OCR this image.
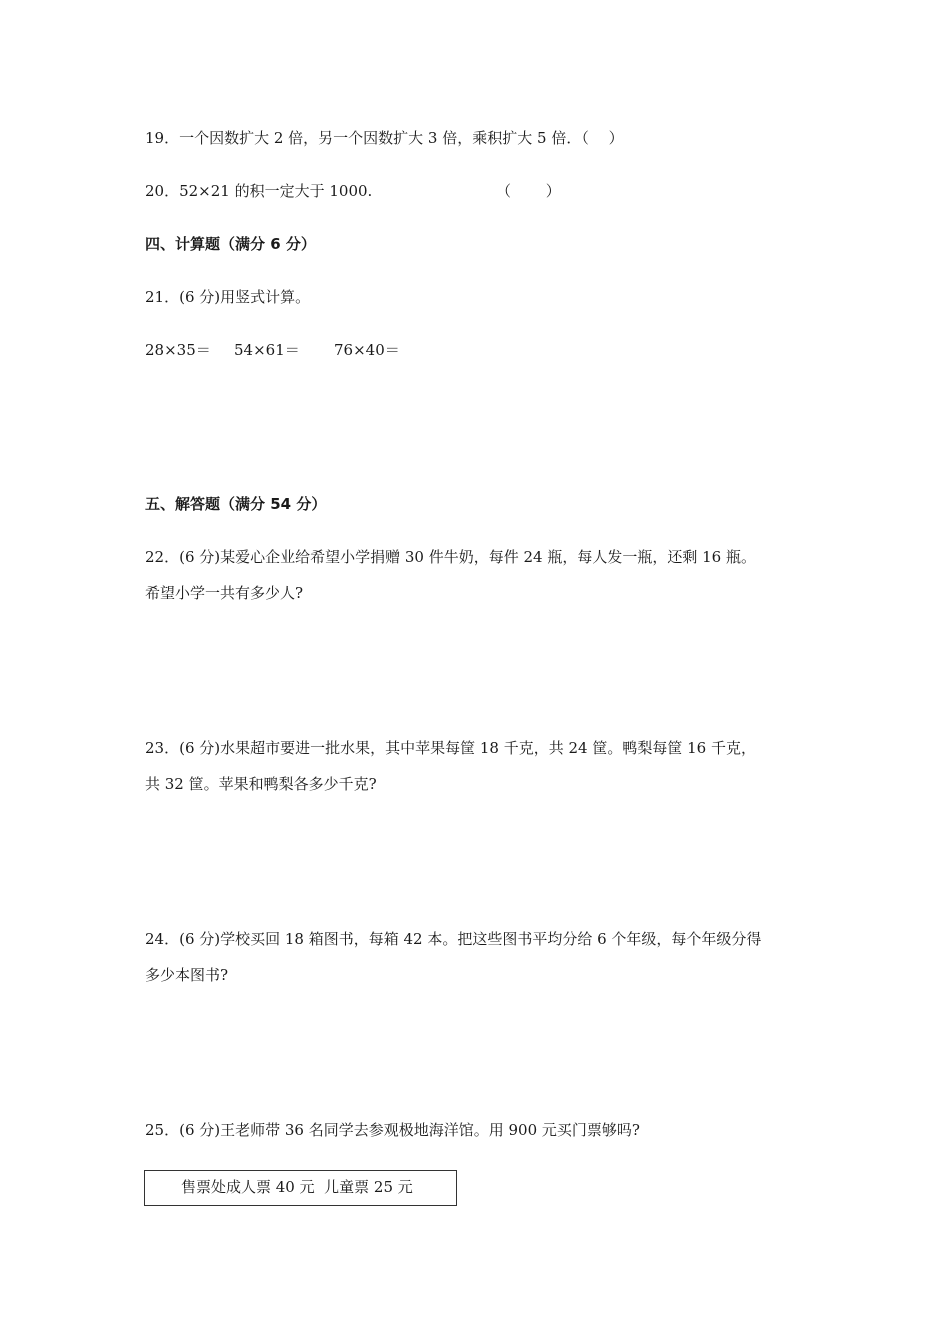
19．一个因数扩大 2 倍，另一个因数扩大 3 倍，乘积扩大 5 倍．（　 ）
20．52×21 的积一定大于 1000.	（　　 ）
四、计算题（满分 6 分）
21．(6 分)用竖式计算。
28×35＝ 54×61＝ 76×40＝
五、解答题（满分 54 分）
22．(6 分)某爱心企业给希望小学捐赠 30 件牛奶，每件 24 瓶，每人发一瓶，还剩 16 瓶。
希望小学一共有多少人?
23．(6 分)水果超市要进一批水果，其中苹果每筐 18 千克，共 24 筐。鸭梨每筐 16 千克，
共 32 筐。苹果和鸭梨各多少千克?
24．(6 分)学校买回 18 箱图书，每箱 42 本。把这些图书平均分给 6 个年级，每个年级分得
多少本图书?
25．(6 分)王老师带 36 名同学去参观极地海洋馆。用 900 元买门票够吗?
售票处成人票 40 元  儿童票 25 元
